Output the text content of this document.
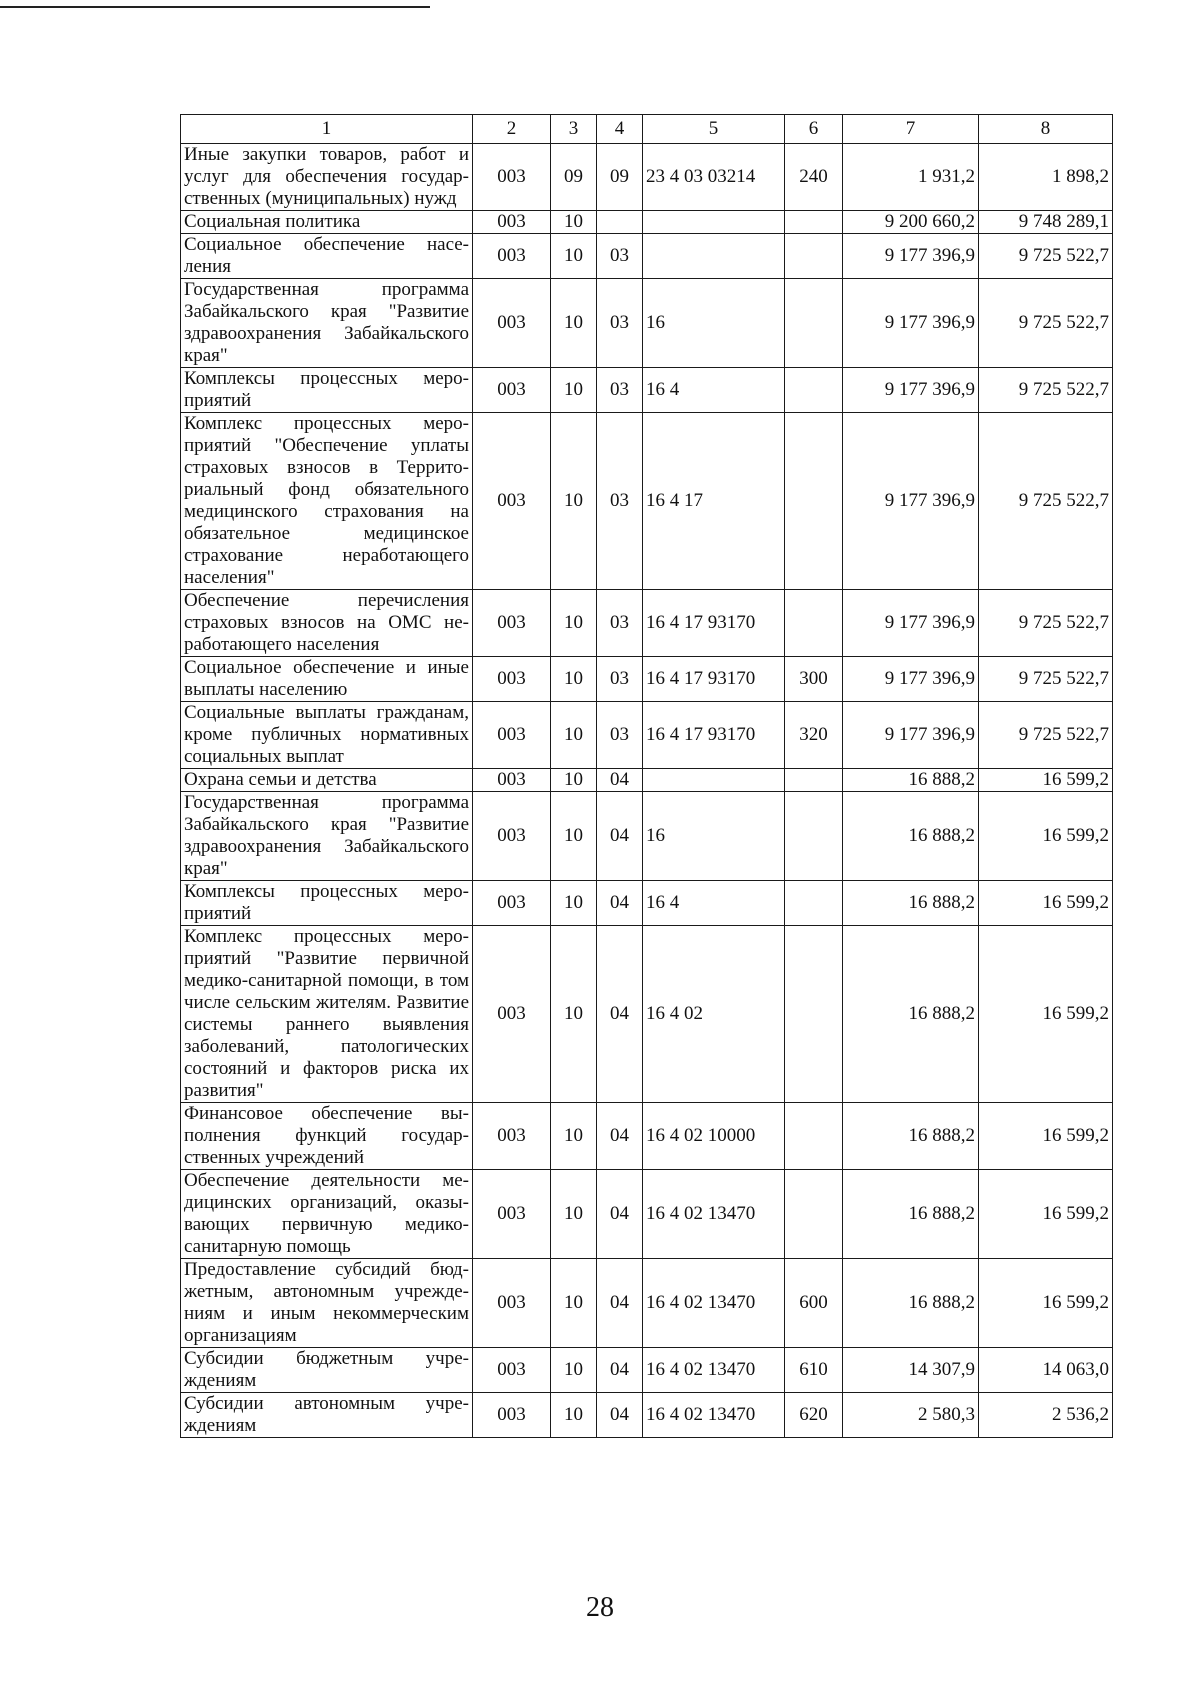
1	2	3	4	5	6	7	8
Иные закупки товаров, работ и услуг для обеспечения государственных (муниципальных) нужд	003	09	09	23 4 03 03214	240	1 931,2	1 898,2
Социальная политика	003	10				9 200 660,2	9 748 289,1
Социальное обеспечение населения	003	10	03			9 177 396,9	9 725 522,7
Государственная программа Забайкальского края "Развитие здравоохранения Забайкальского края"	003	10	03	16		9 177 396,9	9 725 522,7
Комплексы процессных мероприятий	003	10	03	16 4		9 177 396,9	9 725 522,7
Комплекс процессных мероприятий "Обеспечение уплаты страховых взносов в Территориальный фонд обязательного медицинского страхования на обязательное медицинское страхование неработающего населения"	003	10	03	16 4 17		9 177 396,9	9 725 522,7
Обеспечение перечисления страховых взносов на ОМС неработающего населения	003	10	03	16 4 17 93170		9 177 396,9	9 725 522,7
Социальное обеспечение и иные выплаты населению	003	10	03	16 4 17 93170	300	9 177 396,9	9 725 522,7
Социальные выплаты гражданам, кроме публичных нормативных социальных выплат	003	10	03	16 4 17 93170	320	9 177 396,9	9 725 522,7
Охрана семьи и детства	003	10	04			16 888,2	16 599,2
Государственная программа Забайкальского края "Развитие здравоохранения Забайкальского края"	003	10	04	16		16 888,2	16 599,2
Комплексы процессных мероприятий	003	10	04	16 4		16 888,2	16 599,2
Комплекс процессных мероприятий "Развитие первичной медико-санитарной помощи, в том числе сельским жителям. Развитие системы раннего выявления заболеваний, патологических состояний и факторов риска их развития"	003	10	04	16 4 02		16 888,2	16 599,2
Финансовое обеспечение выполнения функций государственных учреждений	003	10	04	16 4 02 10000		16 888,2	16 599,2
Обеспечение деятельности медицинских организаций, оказывающих первичную медико-санитарную помощь	003	10	04	16 4 02 13470		16 888,2	16 599,2
Предоставление субсидий бюджетным, автономным учреждениям и иным некоммерческим организациям	003	10	04	16 4 02 13470	600	16 888,2	16 599,2
Субсидии бюджетным учреждениям	003	10	04	16 4 02 13470	610	14 307,9	14 063,0
Субсидии автономным учреждениям	003	10	04	16 4 02 13470	620	2 580,3	2 536,2
28
